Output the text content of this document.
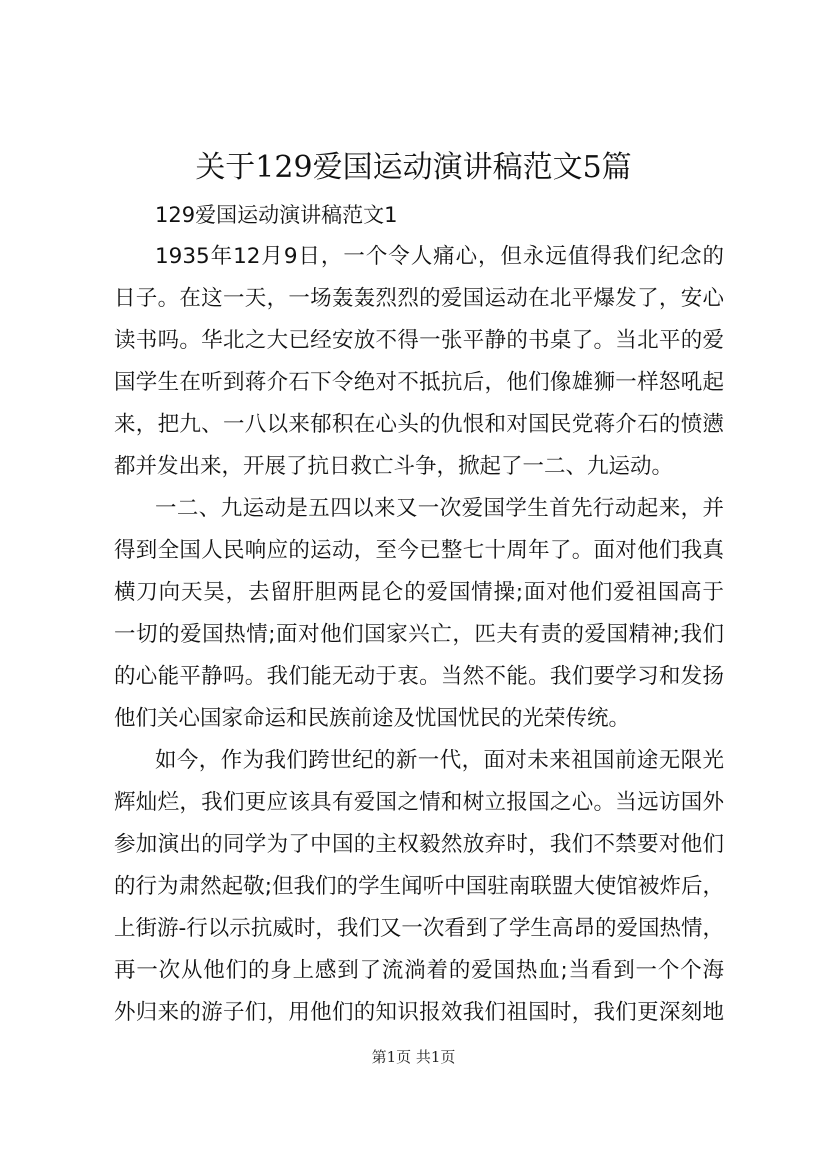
关于129爱国运动演讲稿范文5篇
129爱国运动演讲稿范文1
1935年12月9日，一个令人痛心，但永远值得我们纪念的
日子。在这一天，一场轰轰烈烈的爱国运动在北平爆发了，安心
读书吗。华北之大已经安放不得一张平静的书桌了。当北平的爱
国学生在听到蒋介石下令绝对不抵抗后，他们像雄狮一样怒吼起
来，把九、一八以来郁积在心头的仇恨和对国民党蒋介石的愤懑
都并发出来，开展了抗日救亡斗争，掀起了一二、九运动。
一二、九运动是五四以来又一次爱国学生首先行动起来，并
得到全国人民响应的运动，至今已整七十周年了。面对他们我真
横刀向天吴，去留肝胆两昆仑的爱国情操;面对他们爱祖国高于
一切的爱国热情;面对他们国家兴亡，匹夫有责的爱国精神;我们
的心能平静吗。我们能无动于衷。当然不能。我们要学习和发扬
他们关心国家命运和民族前途及忧国忧民的光荣传统。
如今，作为我们跨世纪的新一代，面对未来祖国前途无限光
辉灿烂，我们更应该具有爱国之情和树立报国之心。当远访国外
参加演出的同学为了中国的主权毅然放弃时，我们不禁要对他们
的行为肃然起敬;但我们的学生闻听中国驻南联盟大使馆被炸后，
上街游-行以示抗威时，我们又一次看到了学生高昂的爱国热情，
再一次从他们的身上感到了流淌着的爱国热血;当看到一个个海
外归来的游子们，用他们的知识报效我们祖国时，我们更深刻地
第1页 共1页
